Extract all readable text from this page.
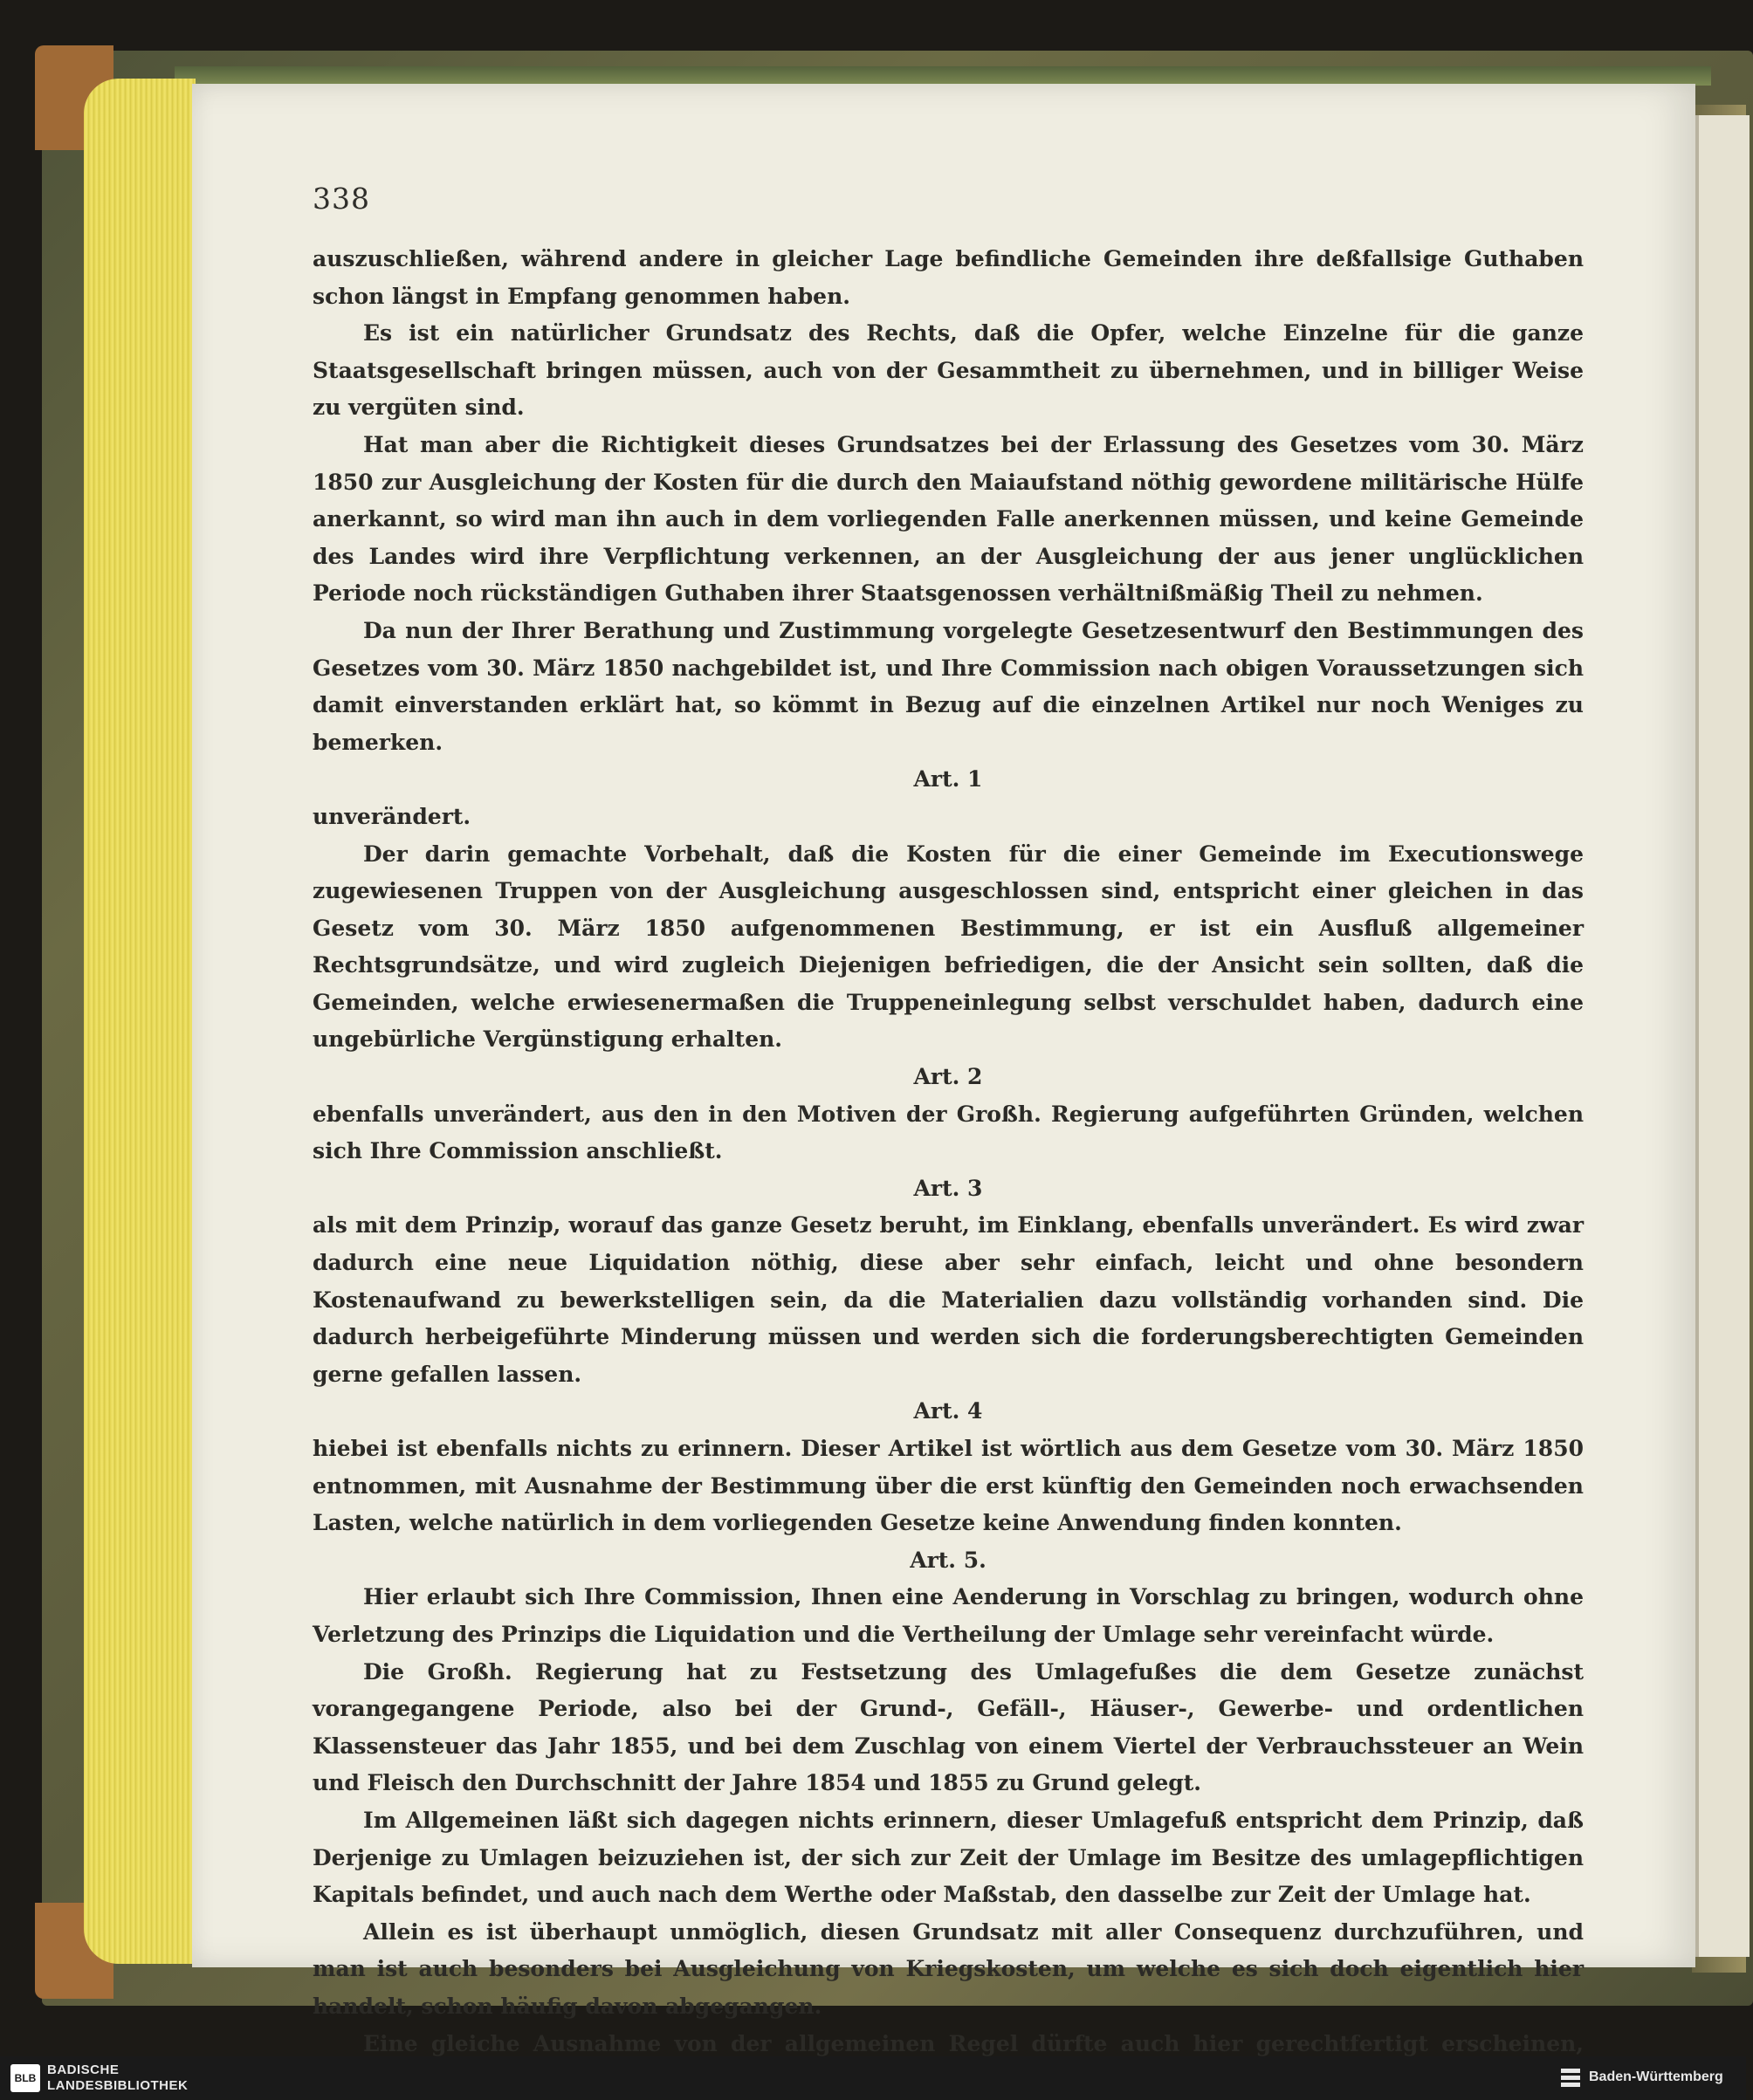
338

auszuschließen, während andere in gleicher Lage befindliche Gemeinden ihre deßfallsige Guthaben schon längst in Empfang genommen haben.

Es ist ein natürlicher Grundsatz des Rechts, daß die Opfer, welche Einzelne für die ganze Staatsgesellschaft bringen müssen, auch von der Gesammtheit zu übernehmen, und in billiger Weise zu vergüten sind.

Hat man aber die Richtigkeit dieses Grundsatzes bei der Erlassung des Gesetzes vom 30. März 1850 zur Ausgleichung der Kosten für die durch den Maiaufstand nöthig gewordene militärische Hülfe anerkannt, so wird man ihn auch in dem vorliegenden Falle anerkennen müssen, und keine Gemeinde des Landes wird ihre Verpflichtung verkennen, an der Ausgleichung der aus jener unglücklichen Periode noch rückständigen Guthaben ihrer Staatsgenossen verhältnißmäßig Theil zu nehmen.

Da nun der Ihrer Berathung und Zustimmung vorgelegte Gesetzesentwurf den Bestimmungen des Gesetzes vom 30. März 1850 nachgebildet ist, und Ihre Commission nach obigen Voraussetzungen sich damit einverstanden erklärt hat, so kömmt in Bezug auf die einzelnen Artikel nur noch Weniges zu bemerken.

Art. 1

unverändert.

Der darin gemachte Vorbehalt, daß die Kosten für die einer Gemeinde im Executionswege zugewiesenen Truppen von der Ausgleichung ausgeschlossen sind, entspricht einer gleichen in das Gesetz vom 30. März 1850 aufgenommenen Bestimmung, er ist ein Ausfluß allgemeiner Rechtsgrundsätze, und wird zugleich Diejenigen befriedigen, die der Ansicht sein sollten, daß die Gemeinden, welche erwiesenermaßen die Truppeneinlegung selbst verschuldet haben, dadurch eine ungebürliche Vergünstigung erhalten.

Art. 2

ebenfalls unverändert, aus den in den Motiven der Großh. Regierung aufgeführten Gründen, welchen sich Ihre Commission anschließt.

Art. 3

als mit dem Prinzip, worauf das ganze Gesetz beruht, im Einklang, ebenfalls unverändert. Es wird zwar dadurch eine neue Liquidation nöthig, diese aber sehr einfach, leicht und ohne besondern Kostenaufwand zu bewerkstelligen sein, da die Materialien dazu vollständig vorhanden sind. Die dadurch herbeigeführte Minderung müssen und werden sich die forderungsberechtigten Gemeinden gerne gefallen lassen.

Art. 4

hiebei ist ebenfalls nichts zu erinnern. Dieser Artikel ist wörtlich aus dem Gesetze vom 30. März 1850 entnommen, mit Ausnahme der Bestimmung über die erst künftig den Gemeinden noch erwachsenden Lasten, welche natürlich in dem vorliegenden Gesetze keine Anwendung finden konnten.

Art. 5.

Hier erlaubt sich Ihre Commission, Ihnen eine Aenderung in Vorschlag zu bringen, wodurch ohne Verletzung des Prinzips die Liquidation und die Vertheilung der Umlage sehr vereinfacht würde.

Die Großh. Regierung hat zu Festsetzung des Umlagefußes die dem Gesetze zunächst vorangegangene Periode, also bei der Grund-, Gefäll-, Häuser-, Gewerbe- und ordentlichen Klassensteuer das Jahr 1855, und bei dem Zuschlag von einem Viertel der Verbrauchssteuer an Wein und Fleisch den Durchschnitt der Jahre 1854 und 1855 zu Grund gelegt.

Im Allgemeinen läßt sich dagegen nichts erinnern, dieser Umlagefuß entspricht dem Prinzip, daß Derjenige zu Umlagen beizuziehen ist, der sich zur Zeit der Umlage im Besitze des umlagepflichtigen Kapitals befindet, und auch nach dem Werthe oder Maßstab, den dasselbe zur Zeit der Umlage hat.

Allein es ist überhaupt unmöglich, diesen Grundsatz mit aller Consequenz durchzuführen, und man ist auch besonders bei Ausgleichung von Kriegskosten, um welche es sich doch eigentlich hier handelt, schon häufig davon abgegangen.

Eine gleiche Ausnahme von der allgemeinen Regel dürfte auch hier gerechtfertigt erscheinen,

BLB
BADISCHE
LANDESBIBLIOTHEK
Baden-Württemberg
